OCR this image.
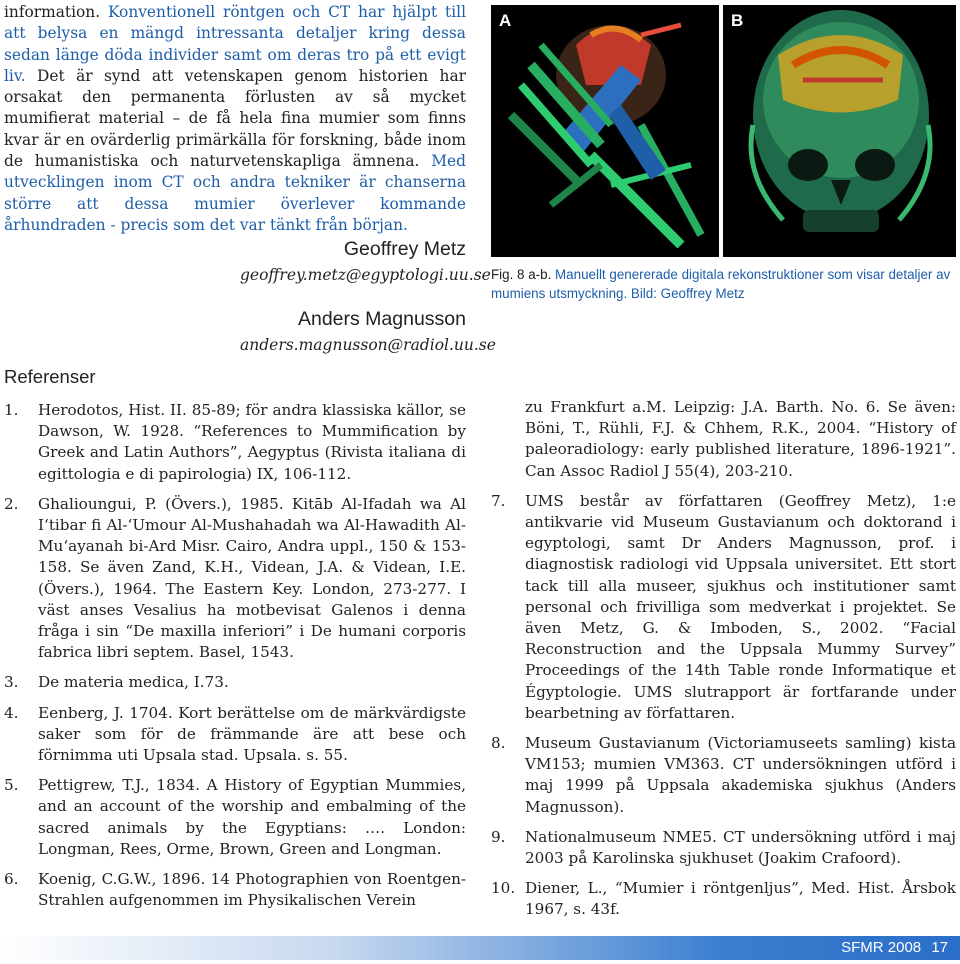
information. Konventionell röntgen och CT har hjälpt till att belysa en mängd intressanta detaljer kring dessa sedan länge döda individer samt om deras tro på ett evigt liv. Det är synd att vetenskapen genom historien har orsakat den permanenta förlusten av så mycket mumifierat material – de få hela fina mumier som finns kvar är en ovärderlig primärkälla för forskning, både inom de humanistiska och naturvetenskapliga ämnena. Med utvecklingen inom CT och andra tekniker är chanserna större att dessa mumier överlever kommande århundraden - precis som det var tänkt från början.
Geoffrey Metz
geoffrey.metz@egyptologi.uu.se
Anders Magnusson
anders.magnusson@radiol.uu.se
Referenser
1.	Herodotos, Hist. II. 85-89; för andra klassiska källor, se Dawson, W. 1928. “References to Mummification by Greek and Latin Authors”, Aegyptus (Rivista italiana di egittologia e di papirologia) IX, 106-112.
2.	Ghalioungui, P. (Övers.), 1985. Kitāb Al-Ifadah wa Al I‘tibar fi Al-‘Umour Al-Mushahadah wa Al-Hawadith Al-Mu‘ayanah bi-Ard Misr. Cairo, Andra uppl., 150 & 153-158. Se även Zand, K.H., Videan, J.A. & Videan, I.E. (Övers.), 1964. The Eastern Key. London, 273-277. I väst anses Vesalius ha motbevisat Galenos i denna fråga i sin “De maxilla inferiori” i De humani corporis fabrica libri septem. Basel, 1543.
3.	De materia medica, I.73.
4.	Eenberg, J. 1704. Kort berättelse om de märkvärdigste saker som för de främmande äre att bese och förnimma uti Upsala stad. Upsala. s. 55.
5.	Pettigrew, T.J., 1834. A History of Egyptian Mummies, and an account of the worship and embalming of the sacred animals by the Egyptians: …. London: Longman, Rees, Orme, Brown, Green and Longman.
6.	Koenig, C.G.W., 1896. 14 Photographien von Roentgen-Strahlen aufgenommen im Physikalischen Verein
zu Frankfurt a.M. Leipzig: J.A. Barth. No. 6. Se även: Böni, T., Rühli, F.J. & Chhem, R.K., 2004. “History of paleoradiology: early published literature, 1896-1921”. Can Assoc Radiol J 55(4), 203-210.
7.	UMS består av författaren (Geoffrey Metz), 1:e antikvarie vid Museum Gustavianum och doktorand i egyptologi, samt Dr Anders Magnusson, prof. i diagnostisk radiologi vid Uppsala universitet. Ett stort tack till alla museer, sjukhus och institutioner samt personal och frivilliga som medverkat i projektet. Se även Metz, G. & Imboden, S., 2002. “Facial Reconstruction and the Uppsala Mummy Survey” Proceedings of the 14th Table ronde Informatique et Égyptologie. UMS slutrapport är fortfarande under bearbetning av författaren.
8.	Museum Gustavianum (Victoriamuseets samling) kista VM153; mumien VM363. CT undersökningen utförd i maj 1999 på Uppsala akademiska sjukhus (Anders Magnusson).
9.	Nationalmuseum NME5. CT undersökning utförd i maj 2003 på Karolinska sjukhuset (Joakim Crafoord).
10. Diener, L., “Mumier i röntgenljus”, Med. Hist. Årsbok 1967, s. 43f.
A	B
Fig. 8 a-b. Manuellt genererade digitala rekonstruktioner som visar detaljer av mumiens utsmyckning. Bild: Geoffrey Metz
SFMR 2008 17
